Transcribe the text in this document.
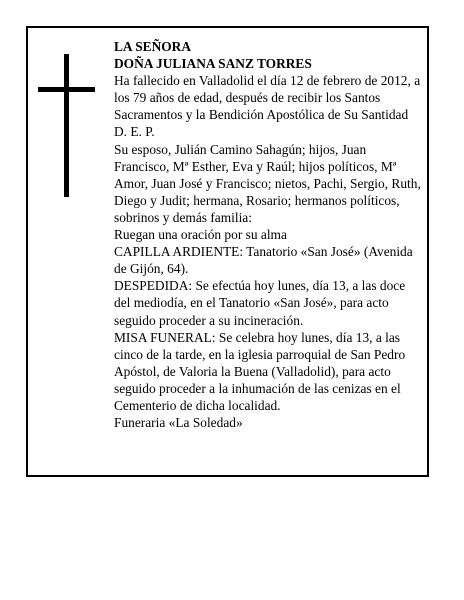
LA SEÑORA

DOÑA JULIANA SANZ TORRES

Ha fallecido en Valladolid el día 12 de febrero de 2012, a los 79 años de edad, después de recibir los Santos Sacramentos y la Bendición Apostólica de Su Santidad D. E. P.

Su esposo, Julián Camino Sahagún; hijos, Juan Francisco, Mª Esther, Eva y Raúl; hijos políticos, Mª Amor, Juan José y Francisco; nietos, Pachi, Sergio, Ruth, Diego y Judit; hermana, Rosario; hermanos políticos, sobrinos y demás familia:

Ruegan una oración por su alma

CAPILLA ARDIENTE: Tanatorio «San José» (Avenida de Gijón, 64).

DESPEDIDA: Se efectúa hoy lunes, día 13, a las doce del mediodía, en el Tanatorio «San José», para acto seguido proceder a su incineración.

MISA FUNERAL: Se celebra hoy lunes, día 13, a las cinco de la tarde, en la iglesia parroquial de San Pedro Apóstol, de Valoria la Buena (Valladolid), para acto seguido proceder a la inhumación de las cenizas en el Cementerio de dicha localidad.

Funeraria «La Soledad»
